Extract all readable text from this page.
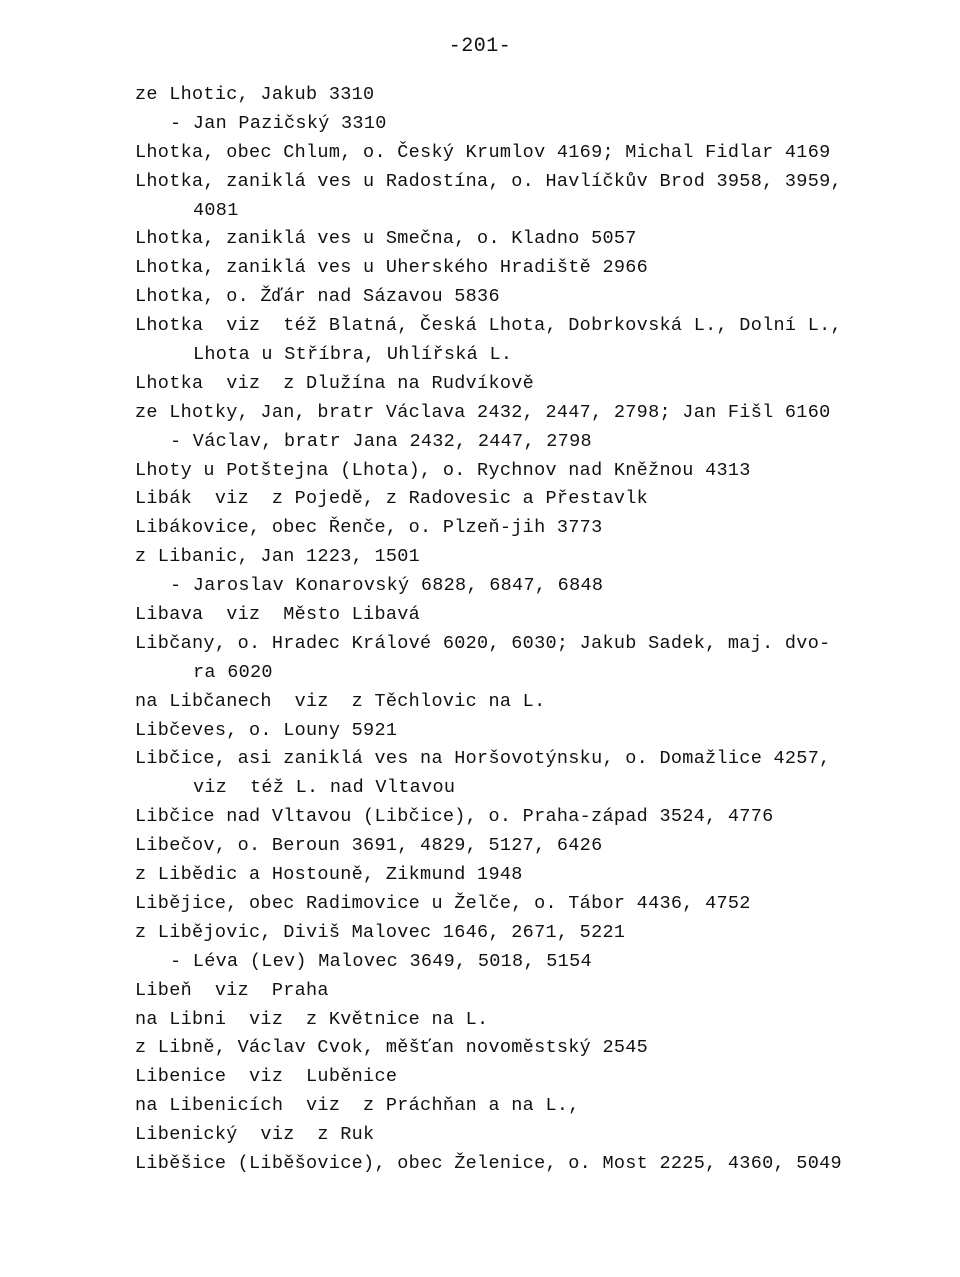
-201-
ze Lhotic, Jakub 3310
- Jan Pazičský 3310
Lhotka, obec Chlum, o. Český Krumlov 4169; Michal Fidlar 4169
Lhotka, zaniklá ves u Radostína, o. Havlíčkův Brod 3958, 3959,
4081
Lhotka, zaniklá ves u Smečna, o. Kladno 5057
Lhotka, zaniklá ves u Uherského Hradiště 2966
Lhotka, o. Žďár nad Sázavou 5836
Lhotka  viz  též Blatná, Česká Lhota, Dobrkovská L., Dolní L.,
Lhota u Stříbra, Uhlířská L.
Lhotka  viz  z Dlužína na Rudvíkově
ze Lhotky, Jan, bratr Václava 2432, 2447, 2798; Jan Fišl 6160
- Václav, bratr Jana 2432, 2447, 2798
Lhoty u Potštejna (Lhota), o. Rychnov nad Kněžnou 4313
Libák  viz  z Pojedě, z Radovesic a Přestavlk
Libákovice, obec Řenče, o. Plzeň-jih 3773
z Libanic, Jan 1223, 1501
- Jaroslav Konarovský 6828, 6847, 6848
Libava  viz  Město Libavá
Libčany, o. Hradec Králové 6020, 6030; Jakub Sadek, maj. dvo-
ra 6020
na Libčanech  viz  z Těchlovic na L.
Libčeves, o. Louny 5921
Libčice, asi zaniklá ves na Horšovotýnsku, o. Domažlice 4257,
viz  též L. nad Vltavou
Libčice nad Vltavou (Libčice), o. Praha-západ 3524, 4776
Libečov, o. Beroun 3691, 4829, 5127, 6426
z Libědic a Hostouně, Zikmund 1948
Libějice, obec Radimovice u Želče, o. Tábor 4436, 4752
z Libějovic, Diviš Malovec 1646, 2671, 5221
- Léva (Lev) Malovec 3649, 5018, 5154
Libeň  viz  Praha
na Libni  viz  z Květnice na L.
z Libně, Václav Cvok, měšťan novoměstský 2545
Libenice  viz  Luběnice
na Libenicích  viz  z Práchňan a na L.,
Libenický  viz  z Ruk
Liběšice (Liběšovice), obec Želenice, o. Most 2225, 4360, 5049
